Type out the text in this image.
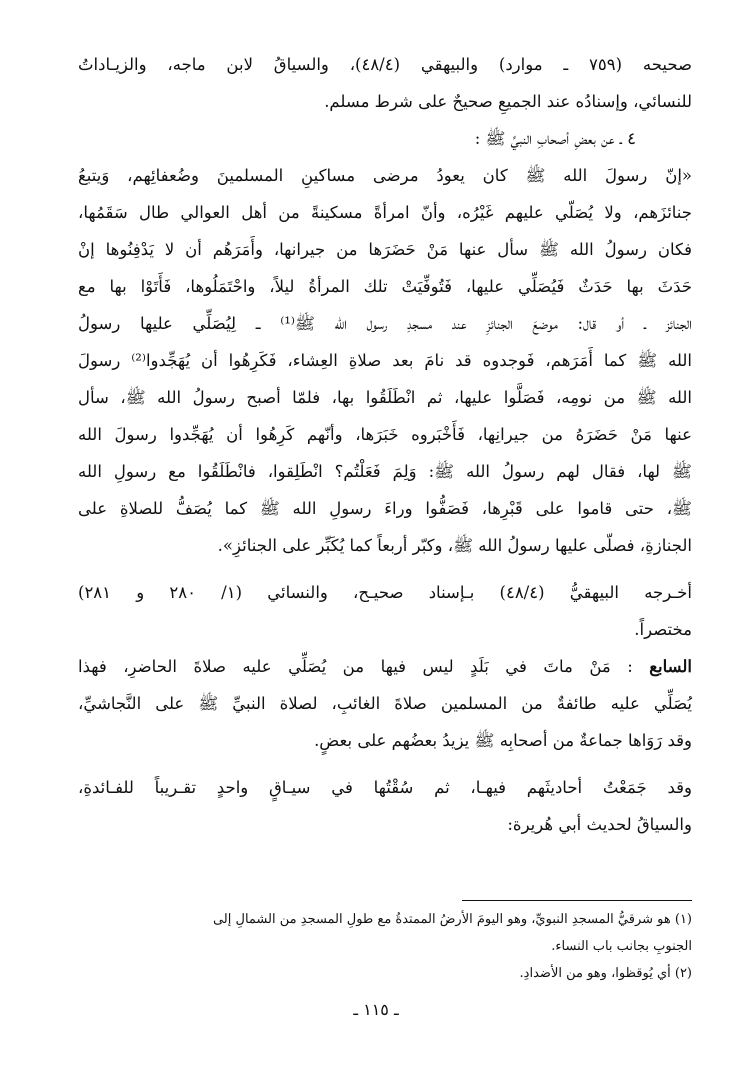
صحيحه (٧٥٩ ـ موارد) والبيهقي (٤٨/٤)، والسياقُ لابن ماجه، والزيـاداتُ
للنسائي، وإسنادُه عند الجميعِ صحيحٌ على شرط مسلم.
٤ ـ عن بعضِ أصحابِ النبيِّ ﷺ :
«إنّ رسولَ الله ﷺ كان يعودُ مرضى مساكينِ المسلمينَ وضُعفائِهم، وَيتبعُ
جنائزَهم، ولا يُصَلّي عليهم غَيْرُه، وأنّ امرأةً مسكينةً من أهل العوالي طال سَقَمُها،
فكان رسولُ الله ﷺ سأل عنها مَنْ حَضَرَها من جيرانها، وأَمَرَهُم أن لا يَدْفِنُوها إنْ
حَدَثَ بها حَدَثٌ فَيُصَلِّي عليها، فَتُوفِّيَتْ تلك المرأةُ ليلاً، واحْتَمَلُوها، فَأَتَوْا بها مع
الجنائز ـ أو قال: موضعَ الجنائزِ عند مسجدِ رسول الله ﷺ⁽¹⁾ ـ لِيُصَلِّي عليها رسولُ
الله ﷺ كما أَمَرَهم، فَوجدوه قد نامَ بعد صلاةِ العِشاء، فَكَرِهُوا أن يُهَجِّدوا⁽²⁾ رسولَ
الله ﷺ من نومِه، فَصَلَّوا عليها، ثم انْطَلَقُوا بها، فلمّا أصبح رسولُ الله ﷺ، سأل
عنها مَنْ حَضَرَهُ من جيرانِها، فَأَخْبَروه خَبَرَها، وأنّهم كَرِهُوا أن يُهَجِّدوا رسولَ الله
ﷺ لها، فقال لهم رسولُ الله ﷺ: وَلِمَ فَعَلْتُم؟ انْطَلِقوا، فانْطَلَقُوا مع رسولِ الله
ﷺ، حتى قاموا على قَبْرِها، فَصَفُّوا وراءَ رسولِ الله ﷺ كما يُصَفُّ للصلاةِ على
الجنازةِ، فصلّى عليها رسولُ الله ﷺ، وكبّر أربعاً كما يُكَبِّر على الجنائزِ».
أخـرجه البيهقيُّ (٤٨/٤) بـإسناد صحيـح، والنسائي (١/ ٢٨٠ و ٢٨١)
مختصراً.
السابع : مَنْ ماتَ في بَلَدٍ ليس فيها من يُصَلِّي عليه صلاةَ الحاضرِ، فهذا
يُصَلِّي عليه طائفةٌ من المسلمين صلاةَ الغائبِ، لصلاة النبيِّ ﷺ على النَّجاشيِّ،
وقد رَوَاها جماعةٌ من أصحابِه ﷺ يزيدُ بعضُهم على بعضٍ.
وقد جَمَعْتُ أحاديثَهم فيهـا، ثم سُقْتُها في سيـاقٍ واحدٍ تقـريباً للفـائدةِ،
والسياقُ لحديث أبي هُريرة:
(١) هو شرقيُّ المسجدِ النبويِّ، وهو اليومَ الأرضُ الممتدةُ مع طولِ المسجدِ من الشمالِ إلى
الجنوبِ بجانب باب النساء.
(٢) أي يُوقظوا، وهو من الأضدادِ.
ـ ١١٥ ـ
